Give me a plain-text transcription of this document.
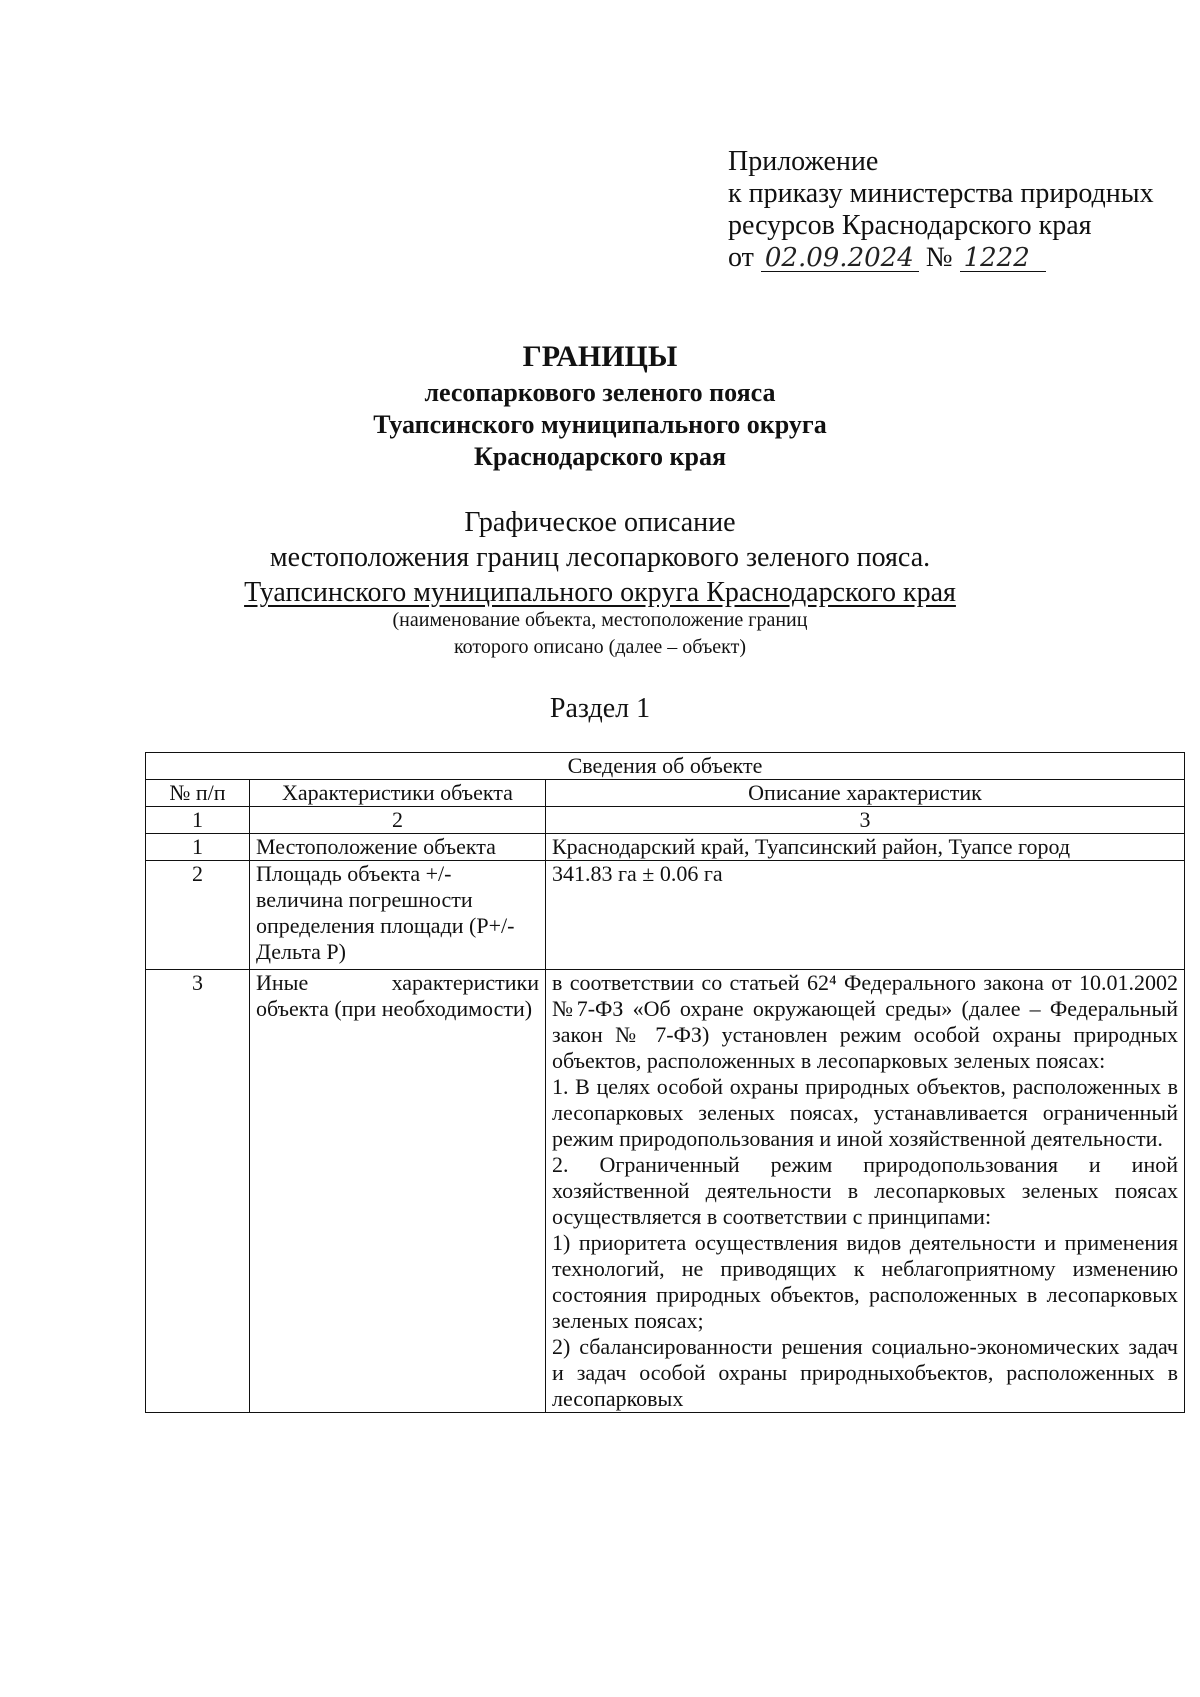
Приложение
к приказу министерства природных
ресурсов Краснодарского края
от 02.09.2024 № 1222
ГРАНИЦЫ
лесопаркового зеленого пояса
Туапсинского муниципального округа
Краснодарского края
Графическое описание
местоположения границ лесопаркового зеленого пояса.
Туапсинского муниципального округа Краснодарского края
(наименование объекта, местоположение границ
которого описано (далее – объект)
Раздел 1
Сведения об объекте		
№ п/п	Характеристики объекта	Описание характеристик
1	2	3
1	Местоположение объекта	Краснодарский край, Туапсинский район, Туапсе город
2	Площадь объекта +/- величина погрешности определения площади (P+/- Дельта P)	341.83 га ± 0.06 га
3	Иные характеристики объекта (при необходимости)	в соответствии со статьей 62⁴ Федерального закона от 10.01.2002 №7-ФЗ «Об охране окружающей среды» (далее – Федеральный закон № 7-ФЗ) установлен режим особой охраны природных объектов, расположенных в лесопарковых зеленых поясах:

1. В целях особой охраны природных объектов, расположенных в лесопарковых зеленых поясах, устанавливается ограниченный режим природопользования и иной хозяйственной деятельности.

2. Ограниченный режим природопользования и иной хозяйственной деятельности в лесопарковых зеленых поясах осуществляется в соответствии с принципами:

1) приоритета осуществления видов деятельности и применения технологий, не приводящих к неблагоприятному изменению состояния природных объектов, расположенных в лесопарковых зеленых поясах;

2) сбалансированности решения социально-экономических задач и задач особой охраны природныхобъектов, расположенных в лесопарковых
